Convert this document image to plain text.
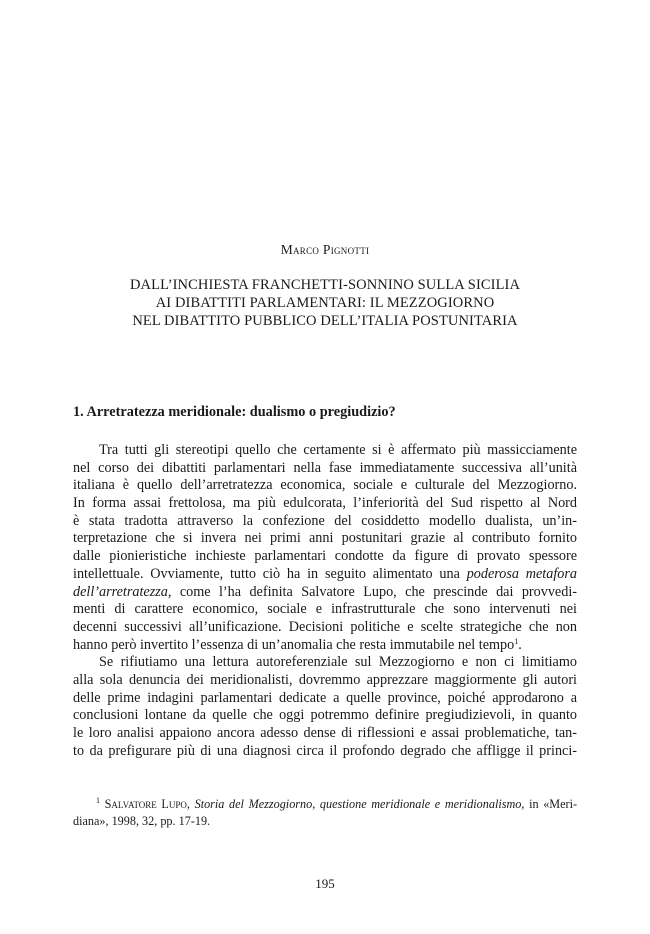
Marco Pignotti
DALL’INCHIESTA FRANCHETTI-SONNINO SULLA SICILIA
AI DIBATTITI PARLAMENTARI: IL MEZZOGIORNO
NEL DIBATTITO PUBBLICO DELL’ITALIA POSTUNITARIA
1. Arretratezza meridionale: dualismo o pregiudizio?
Tra tutti gli stereotipi quello che certamente si è affermato più massicciamente
nel corso dei dibattiti parlamentari nella fase immediatamente successiva all’unità
italiana è quello dell’arretratezza economica, sociale e culturale del Mezzogiorno.
In forma assai frettolosa, ma più edulcorata, l’inferiorità del Sud rispetto al Nord
è stata tradotta attraverso la confezione del cosiddetto modello dualista, un’in-
terpretazione che si invera nei primi anni postunitari grazie al contributo fornito
dalle pionieristiche inchieste parlamentari condotte da figure di provato spessore
intellettuale. Ovviamente, tutto ciò ha in seguito alimentato una poderosa metafora
dell’arretratezza, come l’ha definita Salvatore Lupo, che prescinde dai provvedi-
menti di carattere economico, sociale e infrastrutturale che sono intervenuti nei
decenni successivi all’unificazione. Decisioni politiche e scelte strategiche che non
hanno però invertito l’essenza di un’anomalia che resta immutabile nel tempo$^1$.
Se rifiutiamo una lettura autoreferenziale sul Mezzogiorno e non ci limitiamo
alla sola denuncia dei meridionalisti, dovremmo apprezzare maggiormente gli autori
delle prime indagini parlamentari dedicate a quelle province, poiché approdarono a
conclusioni lontane da quelle che oggi potremmo definire pregiudizievoli, in quanto
le loro analisi appaiono ancora adesso dense di riflessioni e assai problematiche, tan-
to da prefigurare più di una diagnosi circa il profondo degrado che affligge il princi-
$^1$ Salvatore Lupo, Storia del Mezzogiorno, questione meridionale e meridionalismo, in «Meri-
diana», 1998, 32, pp. 17-19.
195
